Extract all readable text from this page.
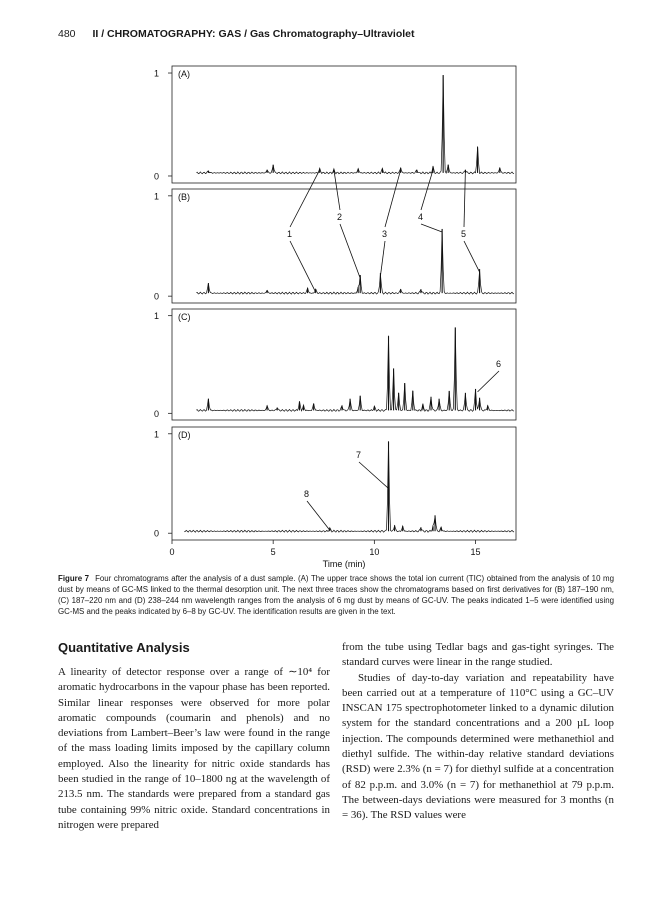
480 II / CHROMATOGRAPHY: GAS / Gas Chromatography–Ultraviolet
(A)
0
1
(B)
0
1
(C)
0
1
(D)
0
1
1
2
3
4
5
6
7
8
0	5	10	15
Time (min)
Figure 7 Four chromatograms after the analysis of a dust sample. (A) The upper trace shows the total ion current (TIC) obtained from the analysis of 10 mg dust by means of GC-MS linked to the thermal desorption unit. The next three traces show the chromatograms based on first derivatives for (B) 187–190 nm, (C) 187–220 nm and (D) 238–244 nm wavelength ranges from the analysis of 6 mg dust by means of GC-UV. The peaks indicated 1–5 were identified using GC-MS and the peaks indicated by 6–8 by GC-UV. The identification results are given in the text.
Quantitative Analysis

A linearity of detector response over a range of ∼10⁴ for aromatic hydrocarbons in the vapour phase has been reported. Similar linear responses were observed for more polar aromatic compounds (coumarin and phenols) and no deviations from Lambert–Beer’s law were found in the range of the mass loading limits imposed by the capillary column employed. Also the linearity for nitric oxide standards has been studied in the range of 10–1800 ng at the wavelength of 213.5 nm. The standards were prepared from a standard gas tube containing 99% nitric oxide. Standard concentrations in nitrogen were prepared

from the tube using Tedlar bags and gas-tight syringes. The standard curves were linear in the range studied.

Studies of day-to-day variation and repeatability have been carried out at a temperature of 110°C using a GC–UV INSCAN 175 spectrophotometer linked to a dynamic dilution system for the standard concentrations and a 200 µL loop injection. The compounds determined were methanethiol and diethyl sulfide. The within-day relative standard deviations (RSD) were 2.3% (n = 7) for diethyl sulfide at a concentration of 82 p.p.m. and 3.0% (n = 7) for methanethiol at 79 p.p.m. The between-days deviations were measured for 3 months (n = 36). The RSD values were
